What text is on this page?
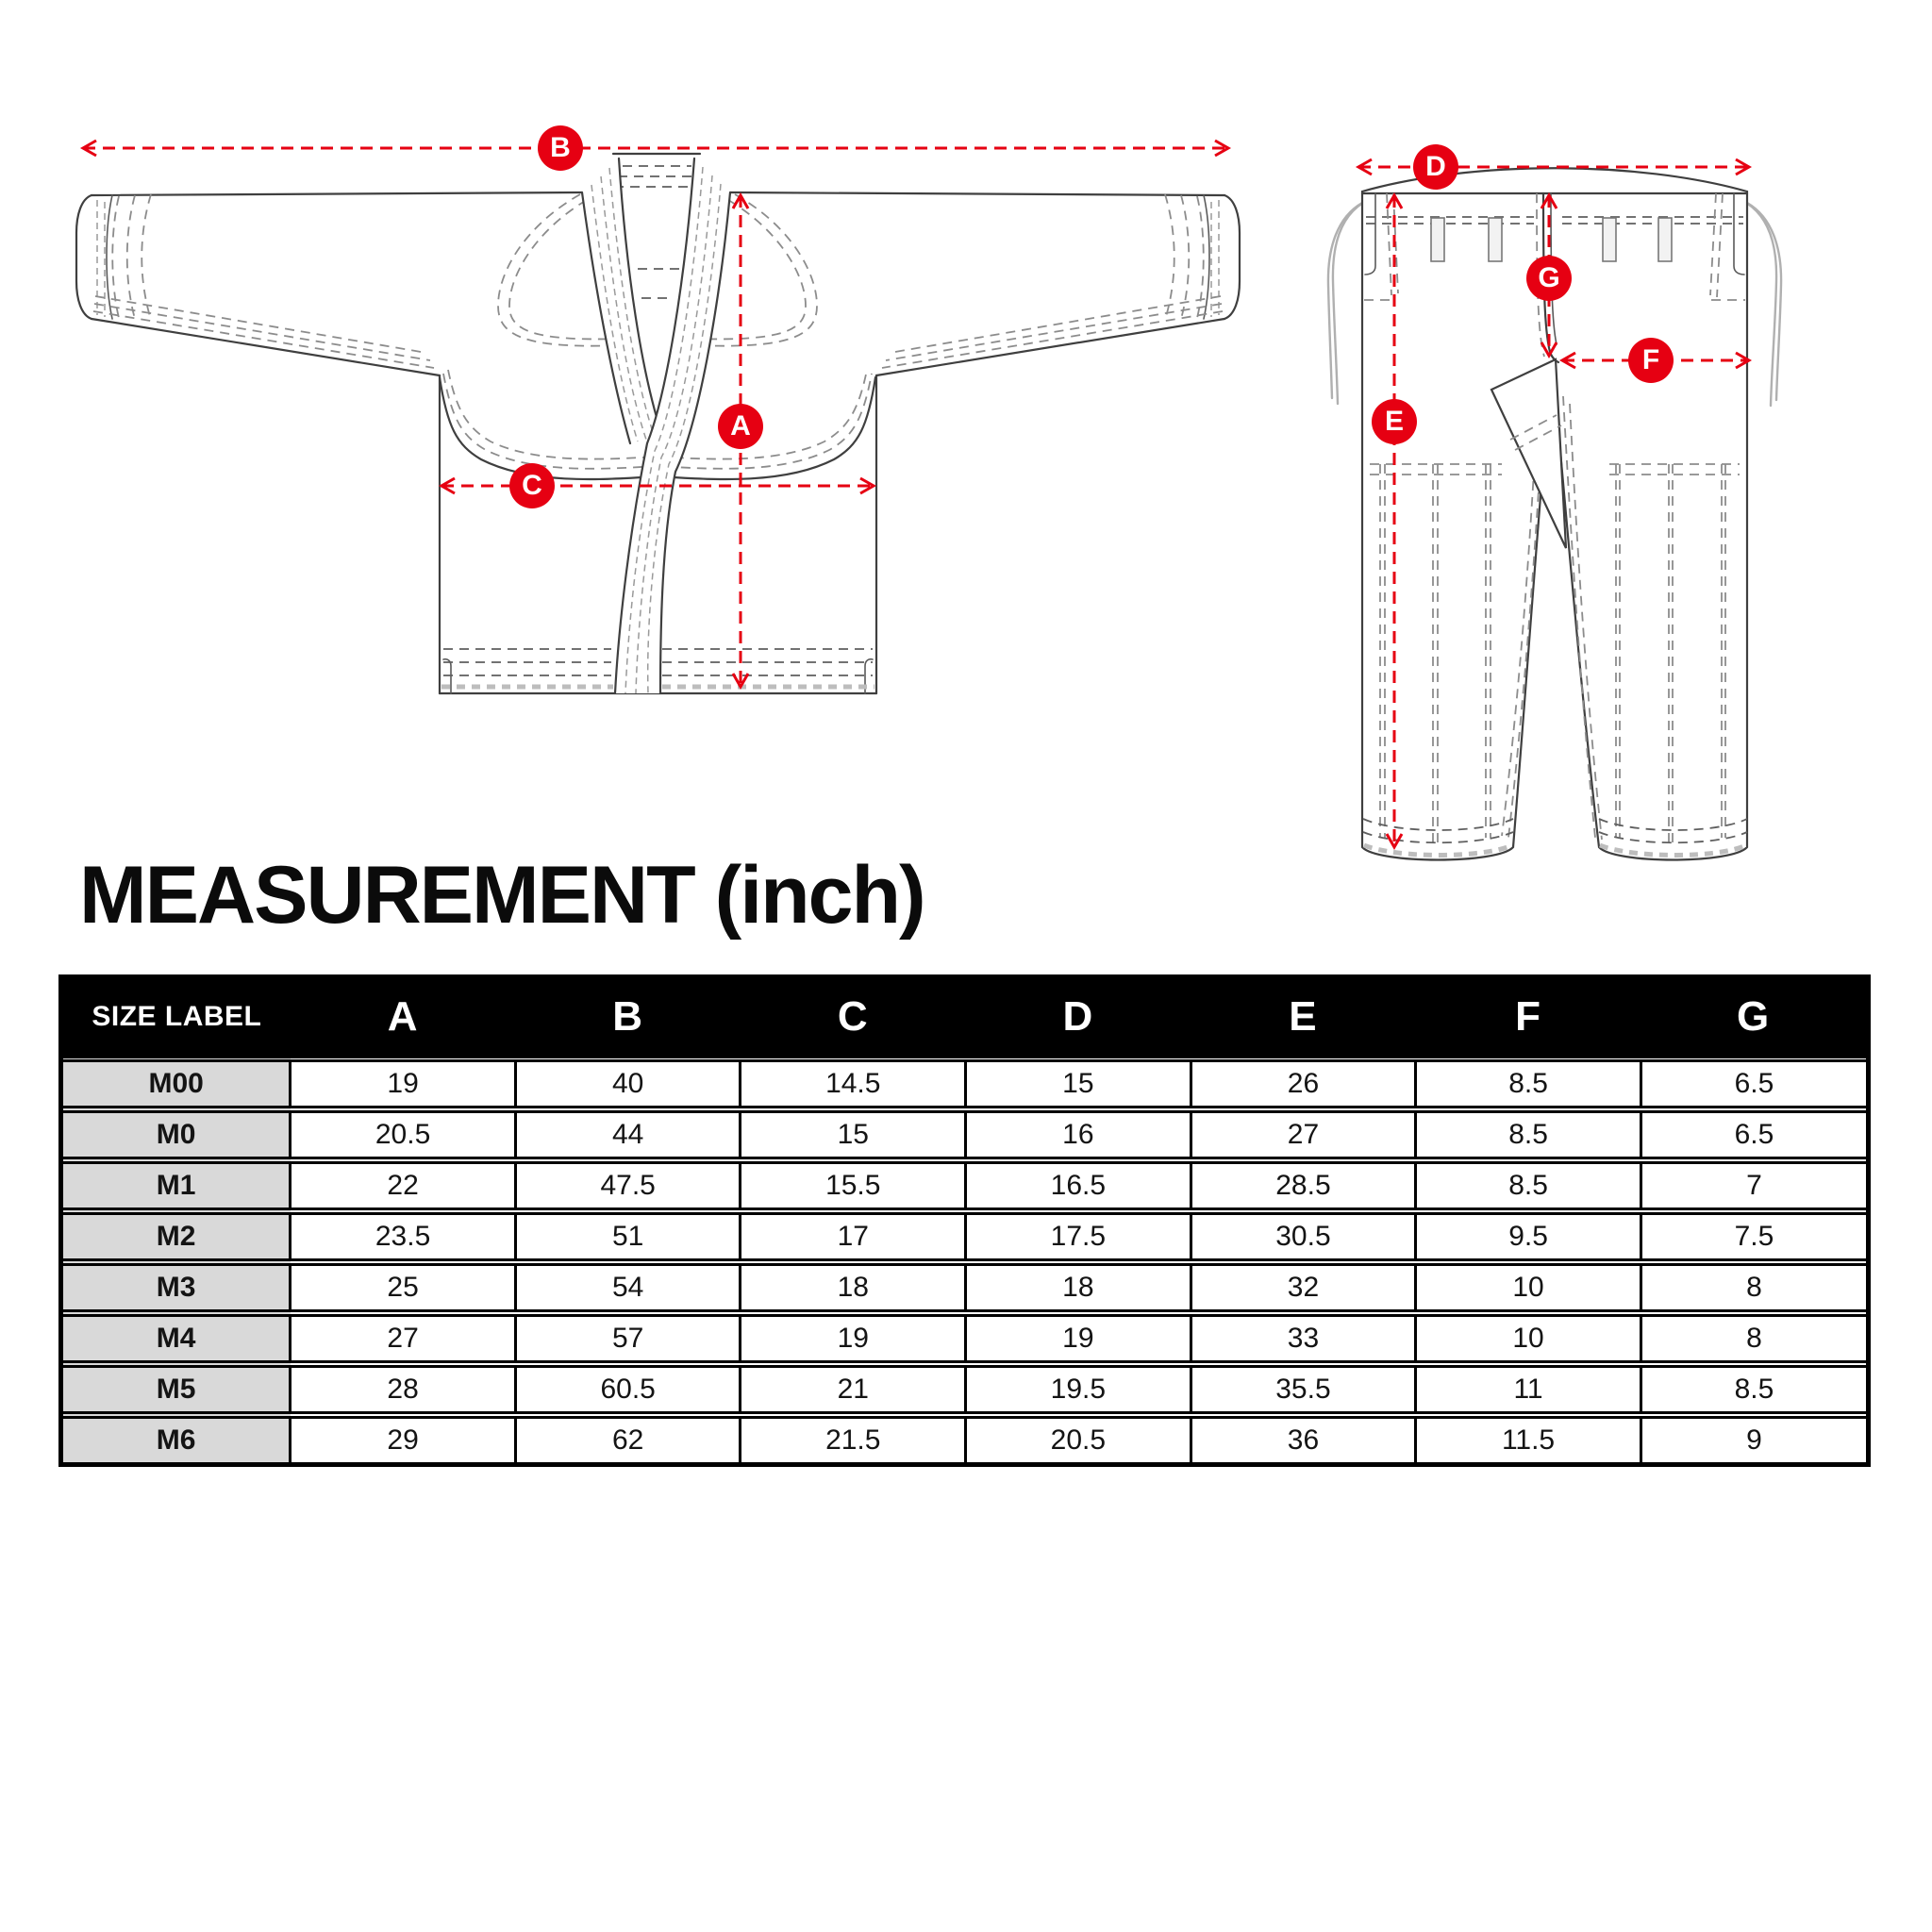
A
B
C
D
E
F
G
MEASUREMENT (inch)
SIZE LABEL	A	B	C	D	E	F	G
M00	19	40	14.5	15	26	8.5	6.5
M0	20.5	44	15	16	27	8.5	6.5
M1	22	47.5	15.5	16.5	28.5	8.5	7
M2	23.5	51	17	17.5	30.5	9.5	7.5
M3	25	54	18	18	32	10	8
M4	27	57	19	19	33	10	8
M5	28	60.5	21	19.5	35.5	11	8.5
M6	29	62	21.5	20.5	36	11.5	9
